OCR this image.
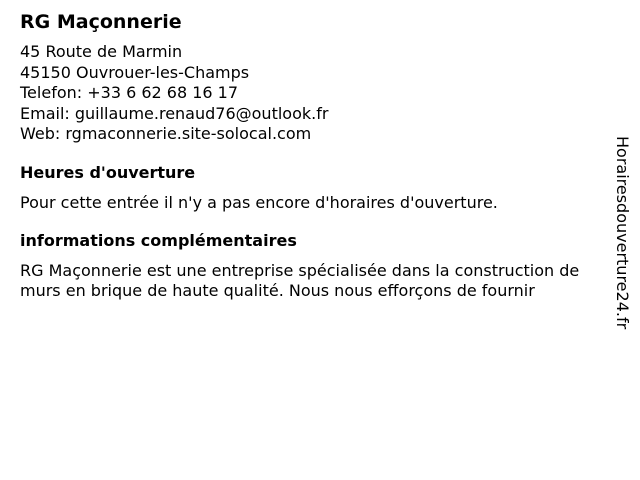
RG Maçonnerie
45 Route de Marmin
45150 Ouvrouer-les-Champs
Telefon: +33 6 62 68 16 17
Email: guillaume.renaud76@outlook.fr
Web: rgmaconnerie.site-solocal.com
Heures d'ouverture
Pour cette entrée il n'y a pas encore d'horaires d'ouverture.
informations complémentaires
RG Maçonnerie est une entreprise spécialisée dans la construction de murs en brique de haute qualité. Nous nous efforçons de fournir	Horairesdouverture24.fr
